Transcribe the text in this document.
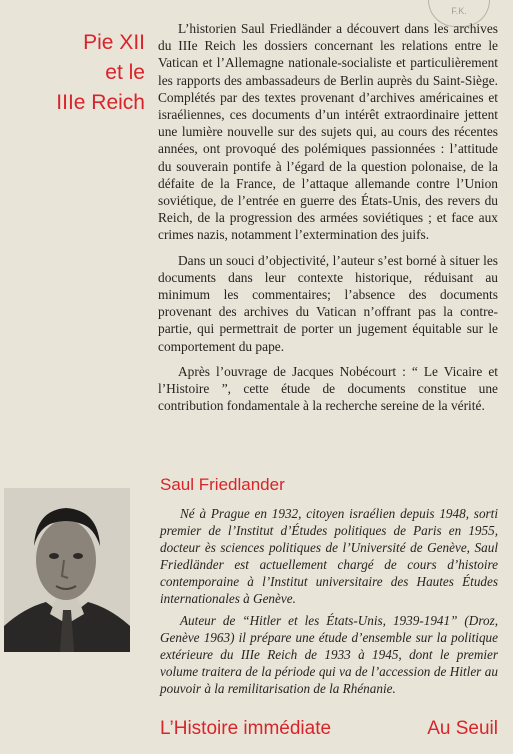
F.K.
Pie XII
et le
IIIe Reich

L’historien Saul Friedländer a découvert dans les archives du IIIe Reich les dossiers concernant les relations entre le Vatican et l’Allemagne nationale-socialiste et particulièrement les rapports des ambassadeurs de Berlin auprès du Saint-Siège. Complétés par des textes provenant d’archives américaines et israéliennes, ces documents d’un intérêt extraordinaire jettent une lumière nouvelle sur des sujets qui, au cours des récentes années, ont provoqué des polémiques passionnées : l’attitude du souverain pontife à l’égard de la question polonaise, de la défaite de la France, de l’attaque allemande contre l’Union soviétique, de l’entrée en guerre des États-Unis, des revers du Reich, de la progression des armées soviétiques ; et face aux crimes nazis, notamment l’extermination des juifs.

Dans un souci d’objectivité, l’auteur s’est borné à situer les documents dans leur contexte historique, réduisant au minimum les commentaires; l’absence des documents provenant des archives du Vatican n’offrant pas la contre-partie, qui permettrait de porter un jugement équitable sur le comportement du pape.

Après l’ouvrage de Jacques Nobécourt : “ Le Vicaire et l’Histoire ”, cette étude de documents constitue une contribution fondamentale à la recherche sereine de la vérité.

Saul Friedlander

Né à Prague en 1932, citoyen israélien depuis 1948, sorti premier de l’Institut d’Études politiques de Paris en 1955, docteur ès sciences politiques de l’Université de Genève, Saul Friedländer est actuellement chargé de cours d’histoire contemporaine à l’Institut universitaire des Hautes Études internationales à Genève.

Auteur de “Hitler et les États-Unis, 1939-1941” (Droz, Genève 1963) il prépare une étude d’ensemble sur la politique extérieure du IIIe Reich de 1933 à 1945, dont le premier volume traitera de la période qui va de l’accession de Hitler au pouvoir à la remilitarisation de la Rhénanie.

L’Histoire immédiate	Au Seuil
